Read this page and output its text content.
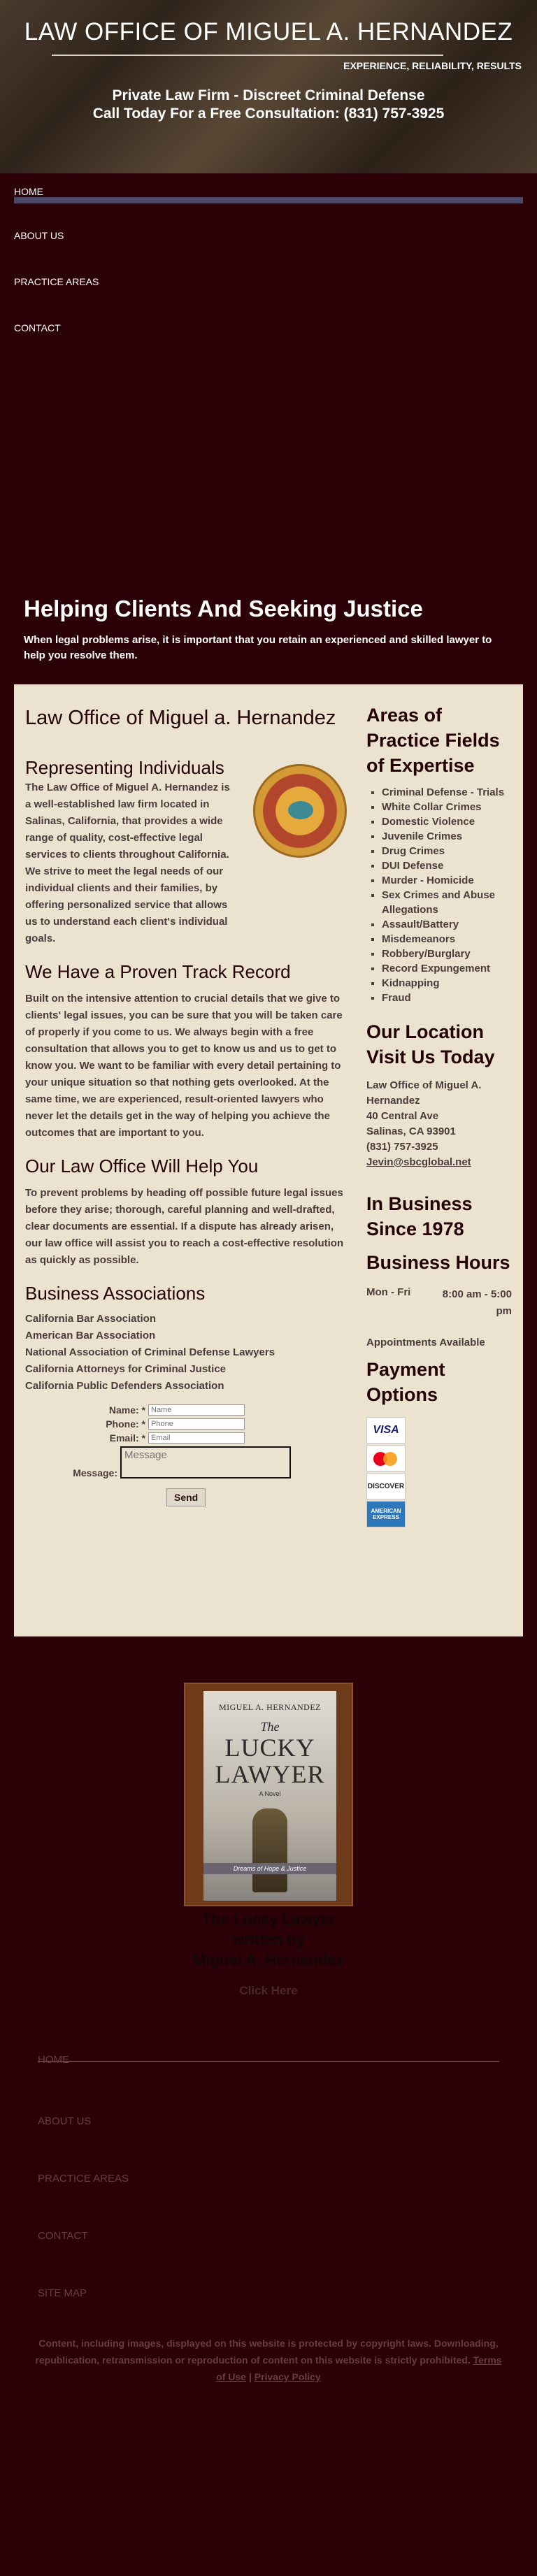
LAW OFFICE OF MIGUEL A. HERNANDEZ
EXPERIENCE, RELIABILITY, RESULTS
Private Law Firm - Discreet Criminal Defense
Call Today For a Free Consultation: (831) 757-3925
HOME
ABOUT US
PRACTICE AREAS
CONTACT
Helping Clients And Seeking Justice

When legal problems arise, it is important that you retain an experienced and skilled lawyer to help you resolve them.

Law Office of Miguel a. Hernandez
Representing Individuals

The Law Office of Miguel A. Hernandez is a well-established law firm located in Salinas, California, that provides a wide range of quality, cost-effective legal services to clients throughout California. We strive to meet the legal needs of our individual clients and their families, by offering personalized service that allows us to understand each client's individual goals.

We Have a Proven Track Record

Built on the intensive attention to crucial details that we give to clients' legal issues, you can be sure that you will be taken care of properly if you come to us. We always begin with a free consultation that allows you to get to know us and us to get to know you. We want to be familiar with every detail pertaining to your unique situation so that nothing gets overlooked. At the same time, we are experienced, result-oriented lawyers who never let the details get in the way of helping you achieve the outcomes that are important to you.

Our Law Office Will Help You

To prevent problems by heading off possible future legal issues before they arise; thorough, careful planning and well-drafted, clear documents are essential. If a dispute has already arisen, our law office will assist you to reach a cost-effective resolution as quickly as possible.

Business Associations

California Bar Association

American Bar Association

National Association of Criminal Defense Lawyers

California Attorneys for Criminal Justice

California Public Defenders Association

Name: *
Name
Phone: *
Phone
Email: *
Email
Message:
Message
Send
Areas of Practice Fields of Expertise
▪ Criminal Defense - Trials
▪ White Collar Crimes
▪ Domestic Violence
▪ Juvenile Crimes
▪ Drug Crimes
▪ DUI Defense
▪ Murder - Homicide
▪ Sex Crimes and Abuse Allegations
▪ Assault/Battery
▪ Misdemeanors
▪ Robbery/Burglary
▪ Record Expungement
▪ Kidnapping
▪ Fraud
Our Location Visit Us Today

Law Office of Miguel A. Hernandez

40 Central Ave

Salinas, CA 93901

(831) 757-3925

Jevin@sbcglobal.net

In Business Since 1978
Business Hours
Mon - Fri	8:00 am - 5:00 pm
Appointments Available
Payment Options
VISA
DISCOVER
AMERICAN EXPRESS
MIGUEL A. HERNANDEZ
The
LUCKY LAWYER
A Novel
Dreams of Hope & Justice
The Lucky Lawyer
written by
Miguel A. Hernandez
Click Here
HOME
ABOUT US
PRACTICE AREAS
CONTACT
SITE MAP
Content, including images, displayed on this website is protected by copyright laws. Downloading, republication, retransmission or reproduction of content on this website is strictly prohibited. Terms of Use | Privacy Policy
